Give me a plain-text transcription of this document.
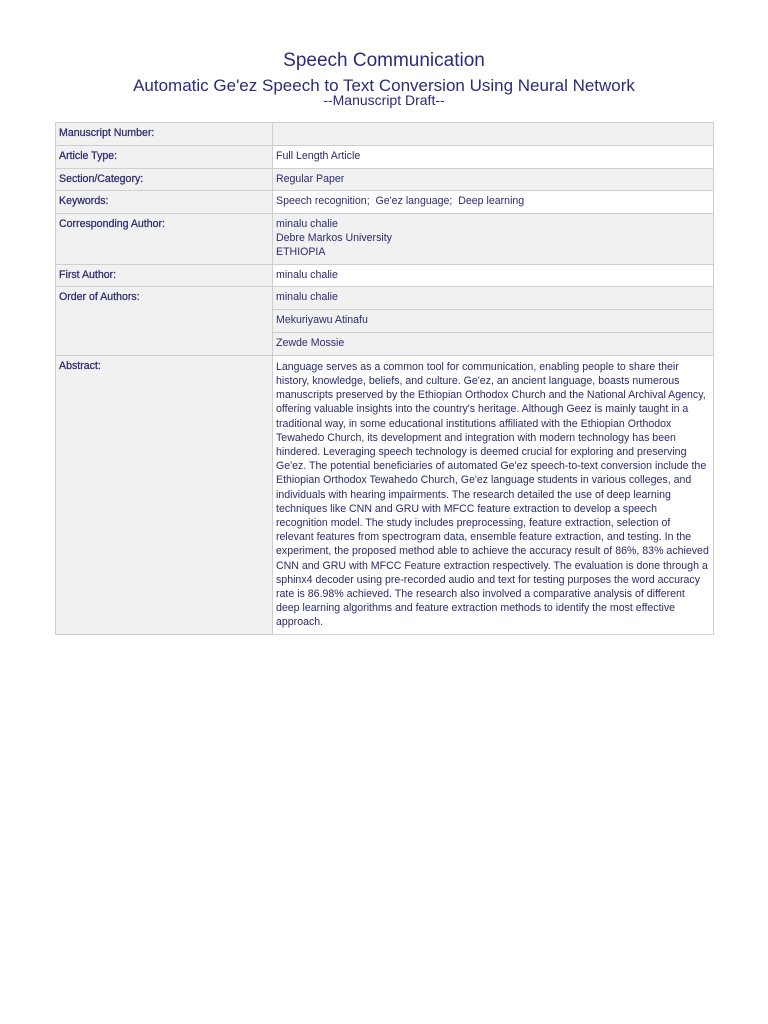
Speech Communication
Automatic Ge'ez Speech to Text Conversion Using Neural Network
--Manuscript Draft--
Manuscript Number:	
Article Type:	Full Length Article
Section/Category:	Regular Paper
Keywords:	Speech recognition;  Ge'ez language;  Deep learning
Corresponding Author:	minalu chalie
Debre Markos University
ETHIOPIA

First Author:	minalu chalie
Order of Authors:	minalu chalie
	Mekuriyawu Atinafu
	Zewde Mossie
Abstract:	Language serves as a common tool for communication, enabling people to share their history, knowledge, beliefs, and culture. Ge'ez, an ancient language, boasts numerous manuscripts preserved by the Ethiopian Orthodox Church and the National Archival Agency, offering valuable insights into the country's heritage. Although Geez is mainly taught in a traditional way, in some educational institutions affiliated with the Ethiopian Orthodox Tewahedo Church, its development and integration with modern technology has been hindered. Leveraging speech technology is deemed crucial for exploring and preserving Ge'ez. The potential beneficiaries of automated Ge'ez speech-to-text conversion include the Ethiopian Orthodox Tewahedo Church, Ge'ez language students in various colleges, and individuals with hearing impairments. The research detailed the use of deep learning techniques like CNN and GRU with MFCC feature extraction to develop a speech recognition model. The study includes preprocessing, feature extraction, selection of relevant features from spectrogram data, ensemble feature extraction, and testing. In the experiment, the proposed method able to achieve the accuracy result of 86%, 83% achieved CNN and GRU with MFCC Feature extraction respectively. The evaluation is done through a sphinx4 decoder using pre-recorded audio and text for testing purposes the word accuracy rate is 86.98% achieved. The research also involved a comparative analysis of different deep learning algorithms and feature extraction methods to identify the most effective approach.
